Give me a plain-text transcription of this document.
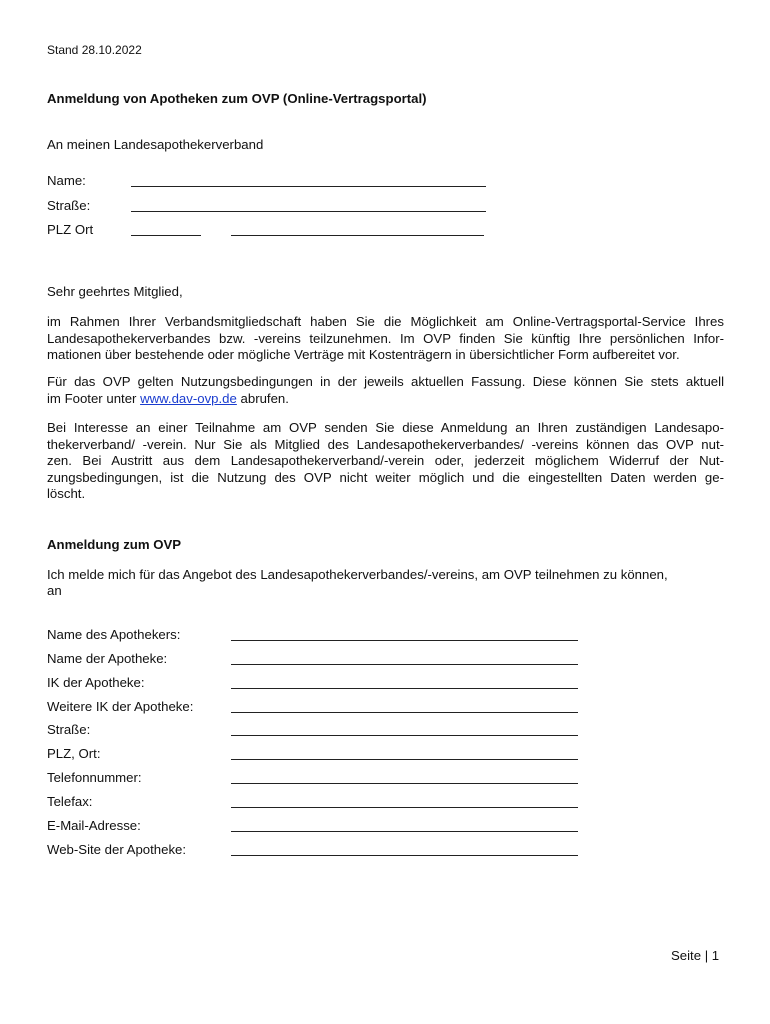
Stand 28.10.2022
Anmeldung von Apotheken zum OVP (Online-Vertragsportal)
An meinen Landesapothekerverband
Name:
Straße:
PLZ Ort
Sehr geehrtes Mitglied,
im Rahmen Ihrer Verbandsmitgliedschaft haben Sie die Möglichkeit am Online-Vertragsportal-Service Ihres
Landesapothekerverbandes bzw. -vereins teilzunehmen. Im OVP finden Sie künftig Ihre persönlichen Infor-
mationen über bestehende oder mögliche Verträge mit Kostenträgern in übersichtlicher Form aufbereitet vor.
Für das OVP gelten Nutzungsbedingungen in der jeweils aktuellen Fassung. Diese können Sie stets aktuell
im Footer unter www.dav-ovp.de abrufen.
Bei Interesse an einer Teilnahme am OVP senden Sie diese Anmeldung an Ihren zuständigen Landesapo-
thekerverband/ -verein. Nur Sie als Mitglied des Landesapothekerverbandes/ -vereins können das OVP nut-
zen. Bei Austritt aus dem Landesapothekerverband/-verein oder, jederzeit möglichem Widerruf der Nut-
zungsbedingungen, ist die Nutzung des OVP nicht weiter möglich und die eingestellten Daten werden ge-
löscht.
Anmeldung zum OVP
Ich melde mich für das Angebot des Landesapothekerverbandes/-vereins, am OVP teilnehmen zu können,
an
Name des Apothekers:
Name der Apotheke:
IK der Apotheke:
Weitere IK der Apotheke:
Straße:
PLZ, Ort:
Telefonnummer:
Telefax:
E-Mail-Adresse:
Web-Site der Apotheke:
Seite | 1
